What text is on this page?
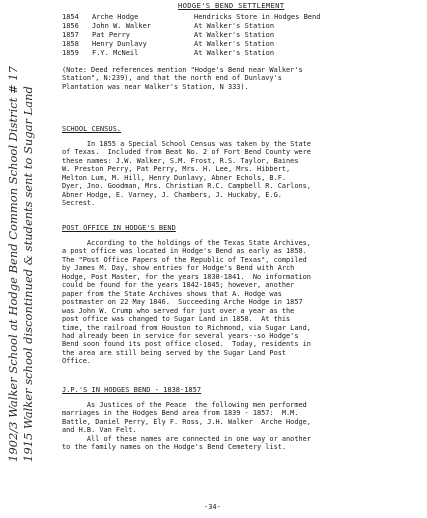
HODGE'S BEND SETTLEMENT
1854 Arche Hodge	Hendricks Store in Hodges Bend
1856 John W. Walker	At Walker's Station
1857 Pat Perry	At Walker's Station
1858 Henry Dunlavy	At Walker's Station
1859 F.Y. McNeil	At Walker's Station
(Note: Deed references mention "Hodge's Bend near Walker's
Station", N:239), and that the north end of Dunlavy's
Plantation was near Walker's Station, N 333).
SCHOOL CENSUS.
In 1855 a Special School Census was taken by the State
of Texas.  Included from Beat No. 2 of Fort Bend County were
these names: J.W. Walker, S.M. Frost, R.S. Taylor, Baines
W. Preston Perry, Pat Perry, Mrs. H. Lee, Mrs. Hibbert,
Melton Lum, M. Hill, Henry Dunlavy, Abner Echols, B.F.
Dyer, Jno. Goodman, Mrs. Christian R.C. Campbell R. Carlons,
Abner Hodge, E. Varney, J. Chambers, J. Huckaby, E.G.
Secrest.
POST OFFICE IN HODGE'S BEND
According to the holdings of the Texas State Archives,
a post office was located in Hodge's Bend as early as 1858.
The "Post Office Papers of the Republic of Texas", compiled
by James M. Day, show entries for Hodge's Bend with Arch
Hodge, Post Master, for the years 1838-1841.  No information
could be found for the years 1842-1845; however, another
paper from the State Archives shows that A. Hodge was
postmaster on 22 May 1846.  Succeeding Arche Hodge in 1857
was John W. Crump who served for just over a year as the
post office was changed to Sugar Land in 1858.  At this
time, the railroad from Houston to Richmond, via Sugar Land,
had already been in service for several years--so Hodge's
Bend soon found its post office closed.  Today, residents in
the area are still being served by the Sugar Land Post
Office.
J.P.'S IN HODGES BEND - 1838-1857
As Justices of the Peace  the following men performed
marriages in the Hodges Bend area from 1839 - 1857:  M.M.
Battle, Daniel Perry, Ely F. Ross, J.H. Walker  Arche Hodge,
and H.B. Van Felt.
All of these names are connected in one way or another
to the family names on the Hodge's Bend Cemetery list.
-34-
1902/3 Walker School at Hodge Bend Common School District # 17 1915 Walker school discontinued & students sent to Sugar Land
